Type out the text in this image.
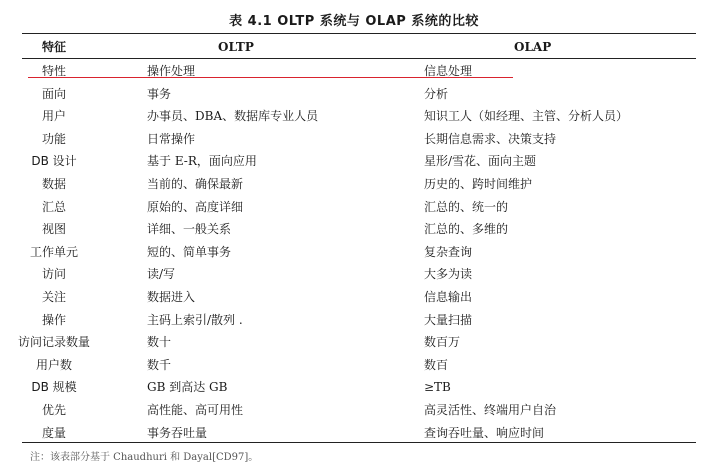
表 4.1 OLTP 系统与 OLAP 系统的比较
特征	OLTP	OLAP
特性	操作处理	信息处理
面向	事务	分析
用户	办事员、DBA、数据库专业人员	知识工人（如经理、主管、分析人员）
功能	日常操作	长期信息需求、决策支持
DB 设计	基于 E-R，面向应用	星形/雪花、面向主题
数据	当前的、确保最新	历史的、跨时间维护
汇总	原始的、高度详细	汇总的、统一的
视图	详细、一般关系	汇总的、多维的
工作单元	短的、简单事务	复杂查询
访问	读/写	大多为读
关注	数据进入	信息输出
操作	主码上索引/散列 .	大量扫描
访问记录数量	数十	数百万
用户数	数千	数百
DB 规模	GB 到高达 GB	≥TB
优先	高性能、高可用性	高灵活性、终端用户自治
度量	事务吞吐量	查询吞吐量、响应时间
注：该表部分基于 Chaudhuri 和 Dayal[CD97]。
